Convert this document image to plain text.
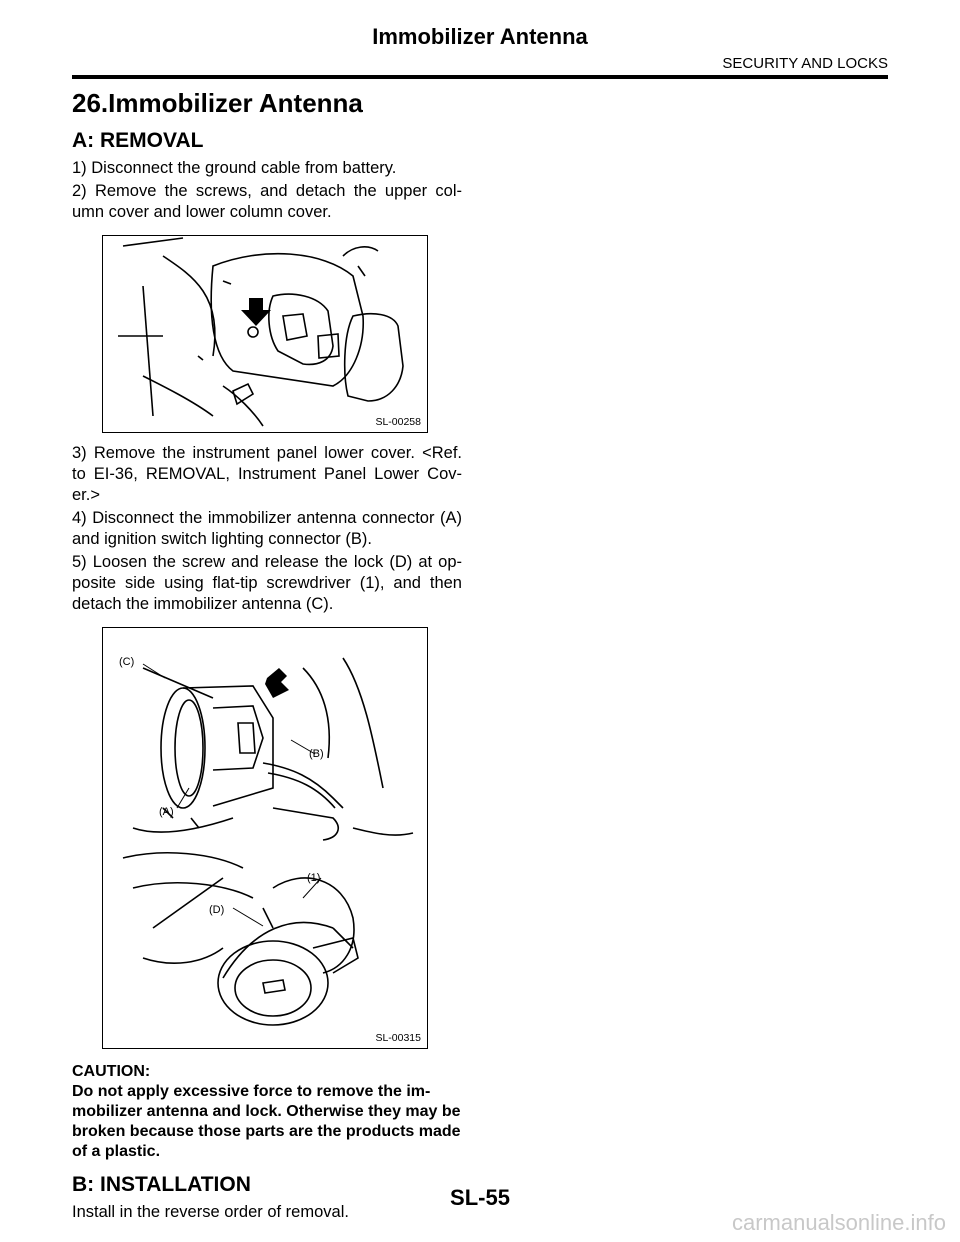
Immobilizer Antenna
SECURITY AND LOCKS
26.Immobilizer Antenna
A: REMOVAL

1) Disconnect the ground cable from battery.

2) Remove the screws, and detach the upper col- umn cover and lower column cover.

SL-00258

3) Remove the instrument panel lower cover. <Ref. to EI-36, REMOVAL, Instrument Panel Lower Cov- er.>

4) Disconnect the immobilizer antenna connector (A) and ignition switch lighting connector (B).

5) Loosen the screw and release the lock (D) at op- posite side using flat-tip screwdriver (1), and then detach the immobilizer antenna (C).

(C)
(B)
(A)
(1)
(D)
SL-00315

CAUTION:

Do not apply excessive force to remove the im- mobilizer antenna and lock. Otherwise they may be broken because those parts are the products made of a plastic.

B: INSTALLATION

Install in the reverse order of removal.

SL-55
carmanualsonline.info
